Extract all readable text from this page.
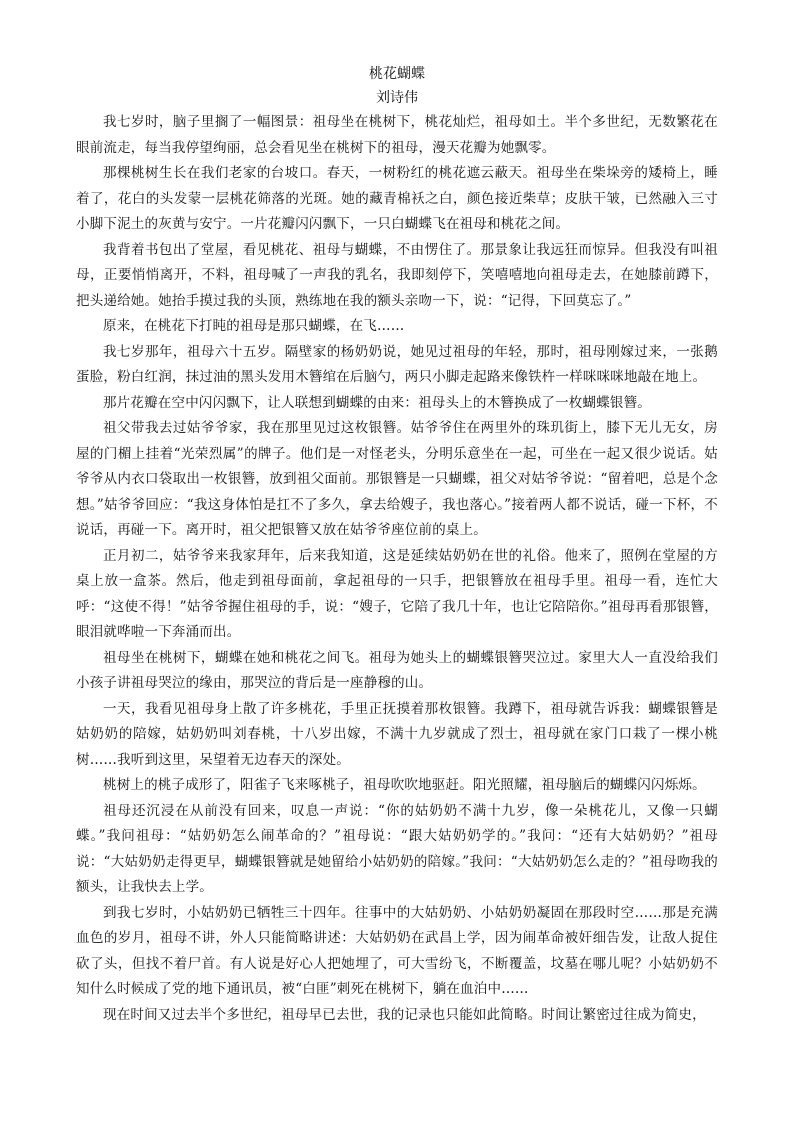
桃花蝴蝶
刘诗伟

我七岁时，脑子里搁了一幅图景：祖母坐在桃树下，桃花灿烂，祖母如土。半个多世纪，无数繁花在眼前流走，每当我停望绚丽，总会看见坐在桃树下的祖母，漫天花瓣为她飘零。

那棵桃树生长在我们老家的台坡口。春天，一树粉红的桃花遮云蔽天。祖母坐在柴垛旁的矮椅上，睡着了，花白的头发蒙一层桃花筛落的光斑。她的藏青棉袄之白，颜色接近柴草；皮肤干皱，已然融入三寸小脚下泥土的灰黄与安宁。一片花瓣闪闪飘下，一只白蝴蝶飞在祖母和桃花之间。

我背着书包出了堂屋，看见桃花、祖母与蝴蝶，不由愣住了。那景象让我远狂而惊异。但我没有叫祖母，正要悄悄离开，不料，祖母喊了一声我的乳名，我即刻停下，笑嘻嘻地向祖母走去，在她膝前蹲下，把头递给她。她抬手摸过我的头顶，熟练地在我的额头亲吻一下，说：“记得，下回莫忘了。”

原来，在桃花下打盹的祖母是那只蝴蝶，在飞……

我七岁那年，祖母六十五岁。隔壁家的杨奶奶说，她见过祖母的年轻，那时，祖母刚嫁过来，一张鹅蛋脸，粉白红润，抹过油的黑头发用木簪绾在后脑勺，两只小脚走起路来像铁杵一样咪咪咪地敲在地上。

那片花瓣在空中闪闪飘下，让人联想到蝴蝶的由来：祖母头上的木簪换成了一枚蝴蝶银簪。

祖父带我去过姑爷爷家，我在那里见过这枚银簪。姑爷爷住在两里外的珠玑街上，膝下无儿无女，房屋的门楣上挂着“光荣烈属”的牌子。他们是一对怪老头，分明乐意坐在一起，可坐在一起又很少说话。姑爷爷从内衣口袋取出一枚银簪，放到祖父面前。那银簪是一只蝴蝶，祖父对姑爷爷说：“留着吧，总是个念想。”姑爷爷回应：“我这身体怕是扛不了多久，拿去给嫂子，我也落心。”接着两人都不说话，碰一下杯，不说话，再碰一下。离开时，祖父把银簪又放在姑爷爷座位前的桌上。

正月初二，姑爷爷来我家拜年，后来我知道，这是延续姑奶奶在世的礼俗。他来了，照例在堂屋的方桌上放一盒茶。然后，他走到祖母面前，拿起祖母的一只手，把银簪放在祖母手里。祖母一看，连忙大呼：“这使不得！”姑爷爷握住祖母的手，说：“嫂子，它陪了我几十年，也让它陪陪你。”祖母再看那银簪，眼泪就哗啦一下奔涌而出。

祖母坐在桃树下，蝴蝶在她和桃花之间飞。祖母为她头上的蝴蝶银簪哭泣过。家里大人一直没给我们小孩子讲祖母哭泣的缘由，那哭泣的背后是一座静穆的山。

一天，我看见祖母身上散了许多桃花，手里正抚摸着那枚银簪。我蹲下，祖母就告诉我：蝴蝶银簪是姑奶奶的陪嫁，姑奶奶叫刘春桃，十八岁出嫁，不满十九岁就成了烈士，祖母就在家门口栽了一棵小桃树……我听到这里，呆望着无边春天的深处。

桃树上的桃子成形了，阳雀子飞来啄桃子，祖母吹吹地驱赶。阳光照耀，祖母脑后的蝴蝶闪闪烁烁。

祖母还沉浸在从前没有回来，叹息一声说：“你的姑奶奶不满十九岁，像一朵桃花儿，又像一只蝴蝶。”我问祖母：“姑奶奶怎么闹革命的？”祖母说：“跟大姑奶奶学的。”我问：“还有大姑奶奶？”祖母说：“大姑奶奶走得更早，蝴蝶银簪就是她留给小姑奶奶的陪嫁。”我问：“大姑奶奶怎么走的？”祖母吻我的额头，让我快去上学。

到我七岁时，小姑奶奶已牺牲三十四年。往事中的大姑奶奶、小姑奶奶凝固在那段时空……那是充满血色的岁月，祖母不讲，外人只能简略讲述：大姑奶奶在武昌上学，因为闹革命被奸细告发，让敌人捉住砍了头，但找不着尸首。有人说是好心人把她埋了，可大雪纷飞，不断覆盖，坟墓在哪儿呢？小姑奶奶不知什么时候成了党的地下通讯员，被“白匪”刺死在桃树下，躺在血泊中……

现在时间又过去半个多世纪，祖母早已去世，我的记录也只能如此简略。时间让繁密过往成为简史，
